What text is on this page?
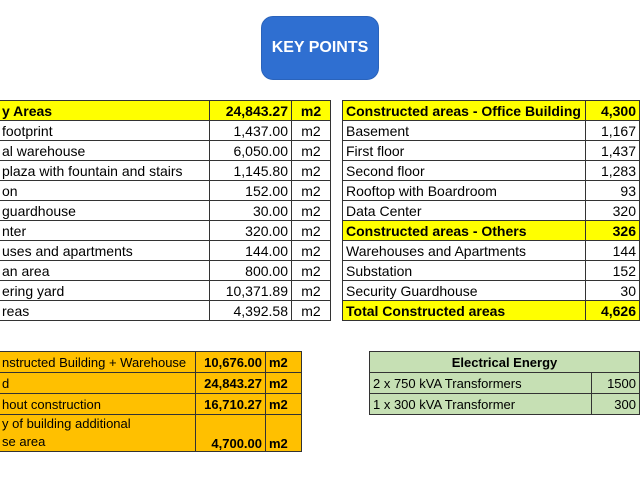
KEY POINTS
y Areas	24,843.27	m2
footprint	1,437.00	m2
al warehouse	6,050.00	m2
plaza with fountain and stairs	1,145.80	m2
on	152.00	m2
guardhouse	30.00	m2
nter	320.00	m2
uses and apartments	144.00	m2
an area	800.00	m2
ering yard	10,371.89	m2
reas	4,392.58	m2
Constructed areas - Office Building	4,300
Basement	1,167
First floor	1,437
Second floor	1,283
Rooftop with Boardroom	93
Data Center	320
Constructed areas - Others	326
Warehouses and Apartments	144
Substation	152
Security Guardhouse	30
Total Constructed areas	4,626
nstructed Building + Warehouse	10,676.00	m2
d	24,843.27	m2
hout construction	16,710.27	m2
y of building additional
se area	4,700.00	m2
Electrical Energy	
2 x 750 kVA Transformers	1500
1 x 300 kVA Transformer	300
